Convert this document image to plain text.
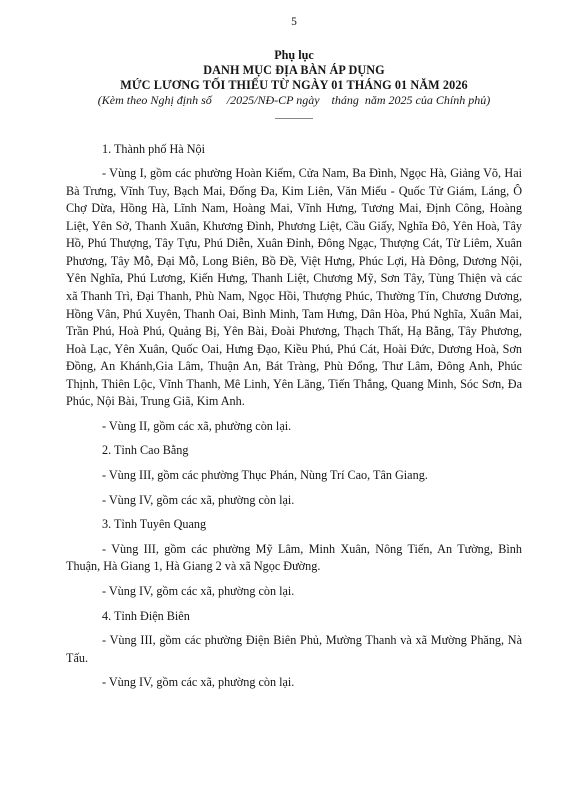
5
Phụ lục
DANH MỤC ĐỊA BÀN ÁP DỤNG
MỨC LƯƠNG TỐI THIỂU TỪ NGÀY 01 THÁNG 01 NĂM 2026
(Kèm theo Nghị định số     /2025/NĐ-CP ngày    tháng  năm 2025 của Chính phủ)

1. Thành phố Hà Nội

- Vùng I, gồm các phường Hoàn Kiếm, Cửa Nam, Ba Đình, Ngọc Hà, Giảng Võ, Hai Bà Trưng, Vĩnh Tuy, Bạch Mai, Đống Đa, Kim Liên, Văn Miếu - Quốc Tử Giám, Láng, Ô Chợ Dừa, Hồng Hà, Lĩnh Nam, Hoàng Mai, Vĩnh Hưng, Tương Mai, Định Công, Hoàng Liệt, Yên Sở, Thanh Xuân, Khương Đình, Phương Liệt, Cầu Giấy, Nghĩa Đô, Yên Hoà, Tây Hồ, Phú Thượng, Tây Tựu, Phú Diễn, Xuân Đỉnh, Đông Ngạc, Thượng Cát, Từ Liêm, Xuân Phương, Tây Mỗ, Đại Mỗ, Long Biên, Bồ Đề, Việt Hưng, Phúc Lợi, Hà Đông, Dương Nội, Yên Nghĩa, Phú Lương, Kiến Hưng, Thanh Liệt, Chương Mỹ, Sơn Tây, Tùng Thiện và các xã Thanh Trì, Đại Thanh, Phù Nam, Ngọc Hồi, Thượng Phúc, Thường Tín, Chương Dương, Hồng Vân, Phú Xuyên, Thanh Oai, Bình Minh, Tam Hưng, Dân Hòa, Phú Nghĩa, Xuân Mai, Trần Phú, Hoà Phú, Quảng Bị, Yên Bài, Đoài Phương, Thạch Thất, Hạ Bằng, Tây Phương, Hoà Lạc, Yên Xuân, Quốc Oai, Hưng Đạo, Kiều Phú, Phú Cát, Hoài Đức, Dương Hoà, Sơn Đồng, An Khánh,Gia Lâm, Thuận An, Bát Tràng, Phù Đổng, Thư Lâm, Đông Anh, Phúc Thịnh, Thiên Lộc, Vĩnh Thanh, Mê Linh, Yên Lãng, Tiến Thắng, Quang Minh, Sóc Sơn, Đa Phúc, Nội Bài, Trung Giã, Kim Anh.

- Vùng II, gồm các xã, phường còn lại.

2. Tỉnh Cao Bằng

- Vùng III, gồm các phường Thục Phán, Nùng Trí Cao, Tân Giang.

- Vùng IV, gồm các xã, phường còn lại.

3. Tỉnh Tuyên Quang

- Vùng III, gồm các phường Mỹ Lâm, Minh Xuân, Nông Tiến, An Tường, Bình Thuận, Hà Giang 1, Hà Giang 2 và xã Ngọc Đường.

- Vùng IV, gồm các xã, phường còn lại.

4. Tỉnh Điện Biên

- Vùng III, gồm các phường Điện Biên Phủ, Mường Thanh và xã Mường Phăng, Nà Tấu.

- Vùng IV, gồm các xã, phường còn lại.
